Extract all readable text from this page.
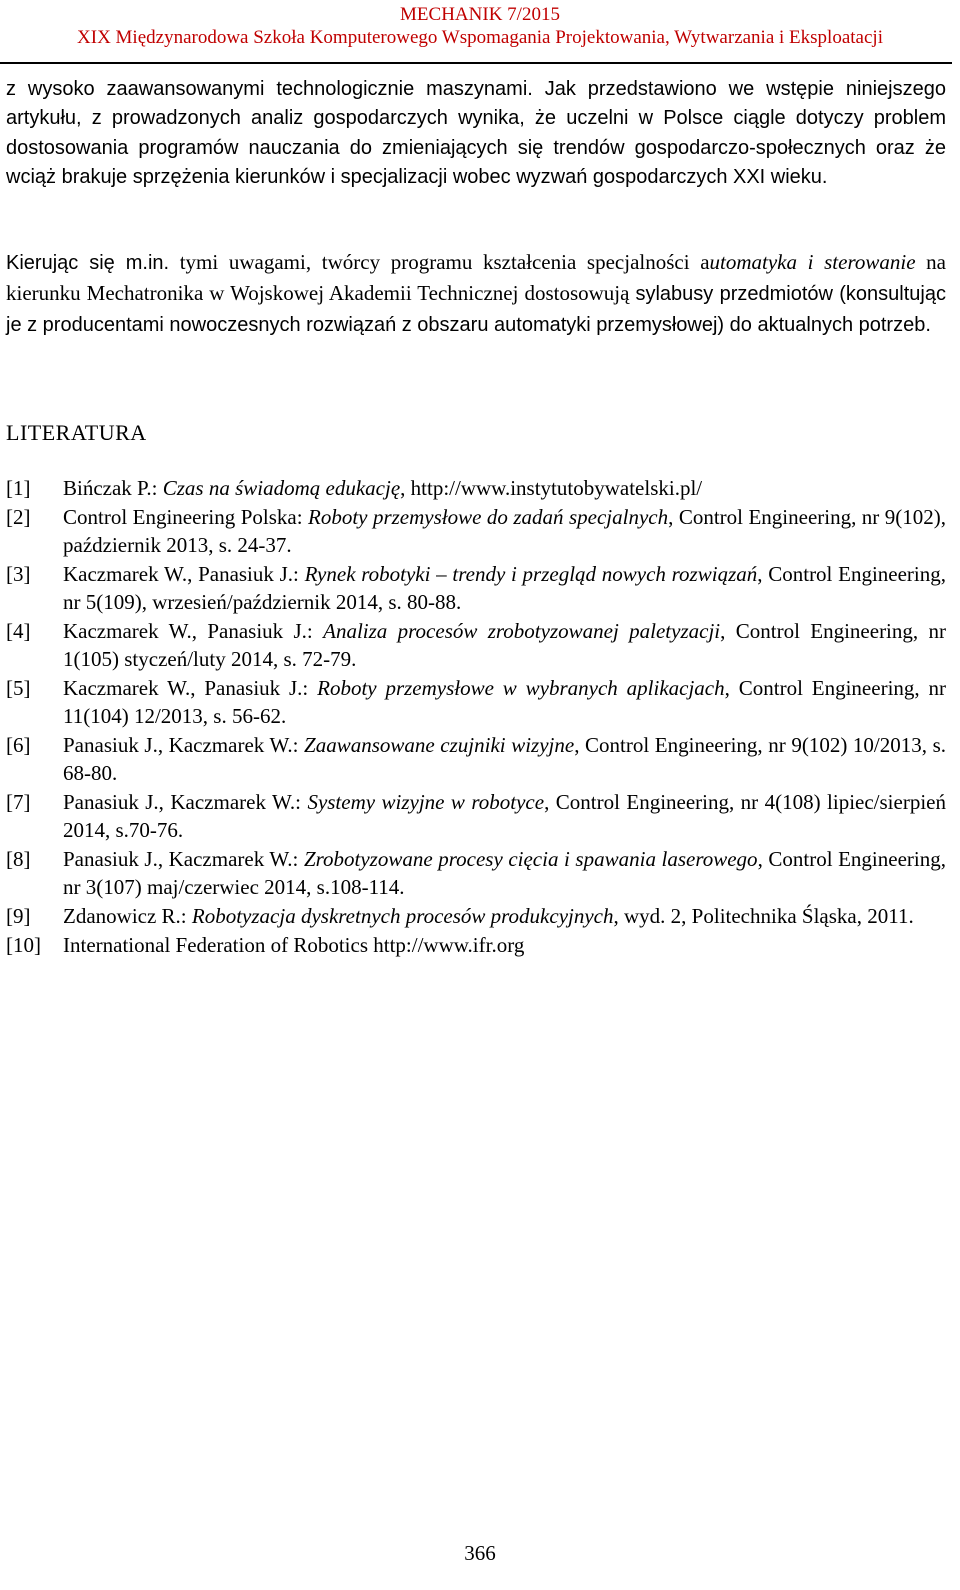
MECHANIK 7/2015
XIX Międzynarodowa Szkoła Komputerowego Wspomagania Projektowania, Wytwarzania i Eksploatacji

z wysoko zaawansowanymi technologicznie maszynami. Jak przedstawiono we wstępie niniejszego artykułu, z prowadzonych analiz gospodarczych wynika, że uczelni w Polsce ciągle dotyczy problem dostosowania programów nauczania do zmieniających się trendów gospodarczo-społecznych oraz że wciąż brakuje sprzężenia kierunków i specjalizacji wobec wyzwań gospodarczych XXI wieku.

Kierując się m.in. tymi uwagami, twórcy programu kształcenia specjalności automatyka i sterowanie na kierunku Mechatronika w Wojskowej Akademii Technicznej dostosowują sylabusy przedmiotów (konsultując je z producentami nowoczesnych rozwiązań z obszaru automatyki przemysłowej) do aktualnych potrzeb.

LITERATURA
[1]	Bińczak P.: Czas na świadomą edukację, http://www.instytutobywatelski.pl/
[2]	Control Engineering Polska: Roboty przemysłowe do zadań specjalnych, Control Engineering, nr 9(102), październik 2013, s. 24-37.
[3]	Kaczmarek W., Panasiuk J.: Rynek robotyki – trendy i przegląd nowych rozwiązań, Control Engineering, nr 5(109), wrzesień/październik 2014, s. 80-88.
[4]	Kaczmarek W., Panasiuk J.: Analiza procesów zrobotyzowanej paletyzacji, Control Engineering, nr 1(105) styczeń/luty 2014, s. 72-79.
[5]	Kaczmarek W., Panasiuk J.: Roboty przemysłowe w wybranych aplikacjach, Control Engineering, nr 11(104) 12/2013, s. 56-62.
[6]	Panasiuk J., Kaczmarek W.: Zaawansowane czujniki wizyjne, Control Engineering, nr 9(102) 10/2013, s. 68-80.
[7]	Panasiuk J., Kaczmarek W.: Systemy wizyjne w robotyce, Control Engineering, nr 4(108) lipiec/sierpień 2014, s.70-76.
[8]	Panasiuk J., Kaczmarek W.: Zrobotyzowane procesy cięcia i spawania laserowego, Control Engineering, nr 3(107) maj/czerwiec 2014, s.108-114.
[9]	Zdanowicz R.: Robotyzacja dyskretnych procesów produkcyjnych, wyd. 2, Politechnika Śląska, 2011.
[10]	International Federation of Robotics http://www.ifr.org
366
